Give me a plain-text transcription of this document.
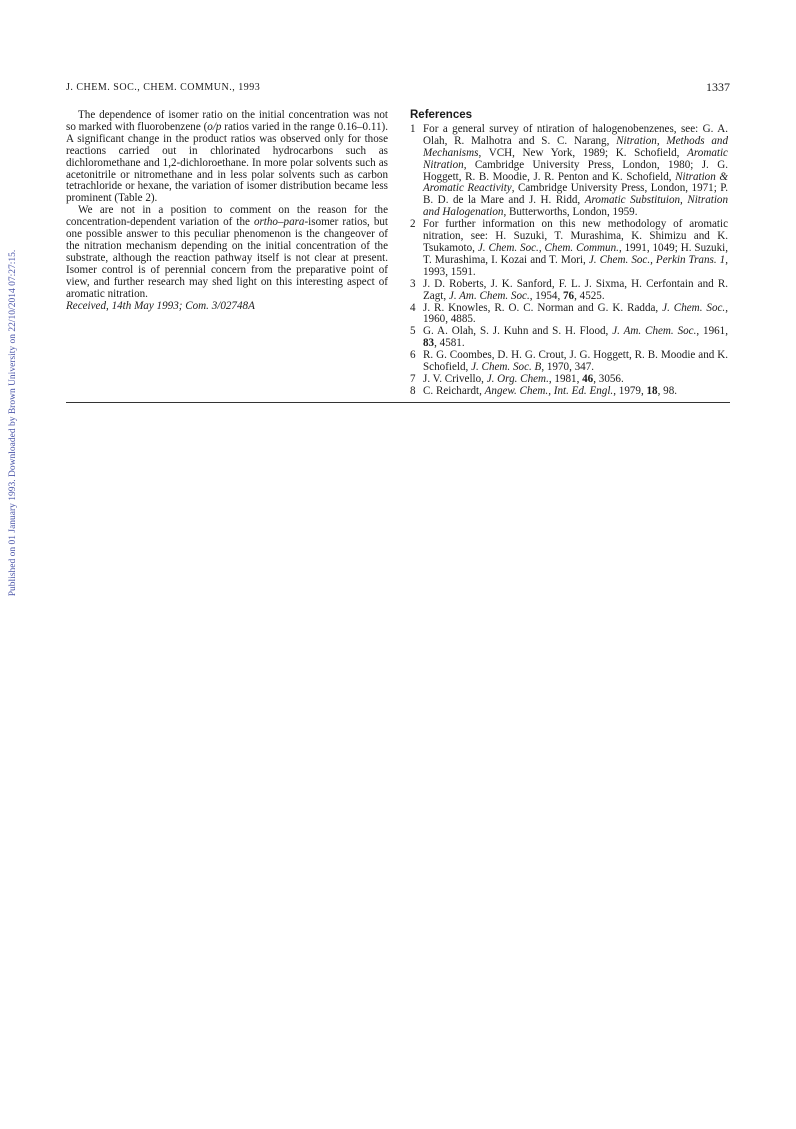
Published on 01 January 1993. Downloaded by Brown University on 22/10/2014 07:27:15.
J. CHEM. SOC., CHEM. COMMUN., 1993	1337

The dependence of isomer ratio on the initial concentration was not so marked with fluorobenzene (o/p ratios varied in the range 0.16–0.11). A significant change in the product ratios was observed only for those reactions carried out in chlorinated hydrocarbons such as dichloromethane and 1,2-dichloroethane. In more polar solvents such as acetonitrile or nitromethane and in less polar solvents such as carbon tetrachloride or hexane, the variation of isomer distribution became less prominent (Table 2).

We are not in a position to comment on the reason for the concentration-dependent variation of the ortho–para-isomer ratios, but one possible answer to this peculiar phenomenon is the changeover of the nitration mechanism depending on the initial concentration of the substrate, although the reaction pathway itself is not clear at present. Isomer control is of perennial concern from the preparative point of view, and further research may shed light on this interesting aspect of aromatic nitration.

Received, 14th May 1993; Com. 3/02748A

References
1 For a general survey of ntiration of halogenobenzenes, see: G. A. Olah, R. Malhotra and S. C. Narang, Nitration, Methods and Mechanisms, VCH, New York, 1989; K. Schofield, Aromatic Nitration, Cambridge University Press, London, 1980; J. G. Hoggett, R. B. Moodie, J. R. Penton and K. Schofield, Nitration & Aromatic Reactivity, Cambridge University Press, London, 1971; P. B. D. de la Mare and J. H. Ridd, Aromatic Substituion, Nitration and Halogenation, Butterworths, London, 1959.
2 For further information on this new methodology of aromatic nitration, see: H. Suzuki, T. Murashima, K. Shimizu and K. Tsukamoto, J. Chem. Soc., Chem. Commun., 1991, 1049; H. Suzuki, T. Murashima, I. Kozai and T. Mori, J. Chem. Soc., Perkin Trans. 1, 1993, 1591.
3 J. D. Roberts, J. K. Sanford, F. L. J. Sixma, H. Cerfontain and R. Zagt, J. Am. Chem. Soc., 1954, 76, 4525.
4 J. R. Knowles, R. O. C. Norman and G. K. Radda, J. Chem. Soc., 1960, 4885.
5 G. A. Olah, S. J. Kuhn and S. H. Flood, J. Am. Chem. Soc., 1961, 83, 4581.
6 R. G. Coombes, D. H. G. Crout, J. G. Hoggett, R. B. Moodie and K. Schofield, J. Chem. Soc. B, 1970, 347.
7 J. V. Crivello, J. Org. Chem., 1981, 46, 3056.
8 C. Reichardt, Angew. Chem., Int. Ed. Engl., 1979, 18, 98.
